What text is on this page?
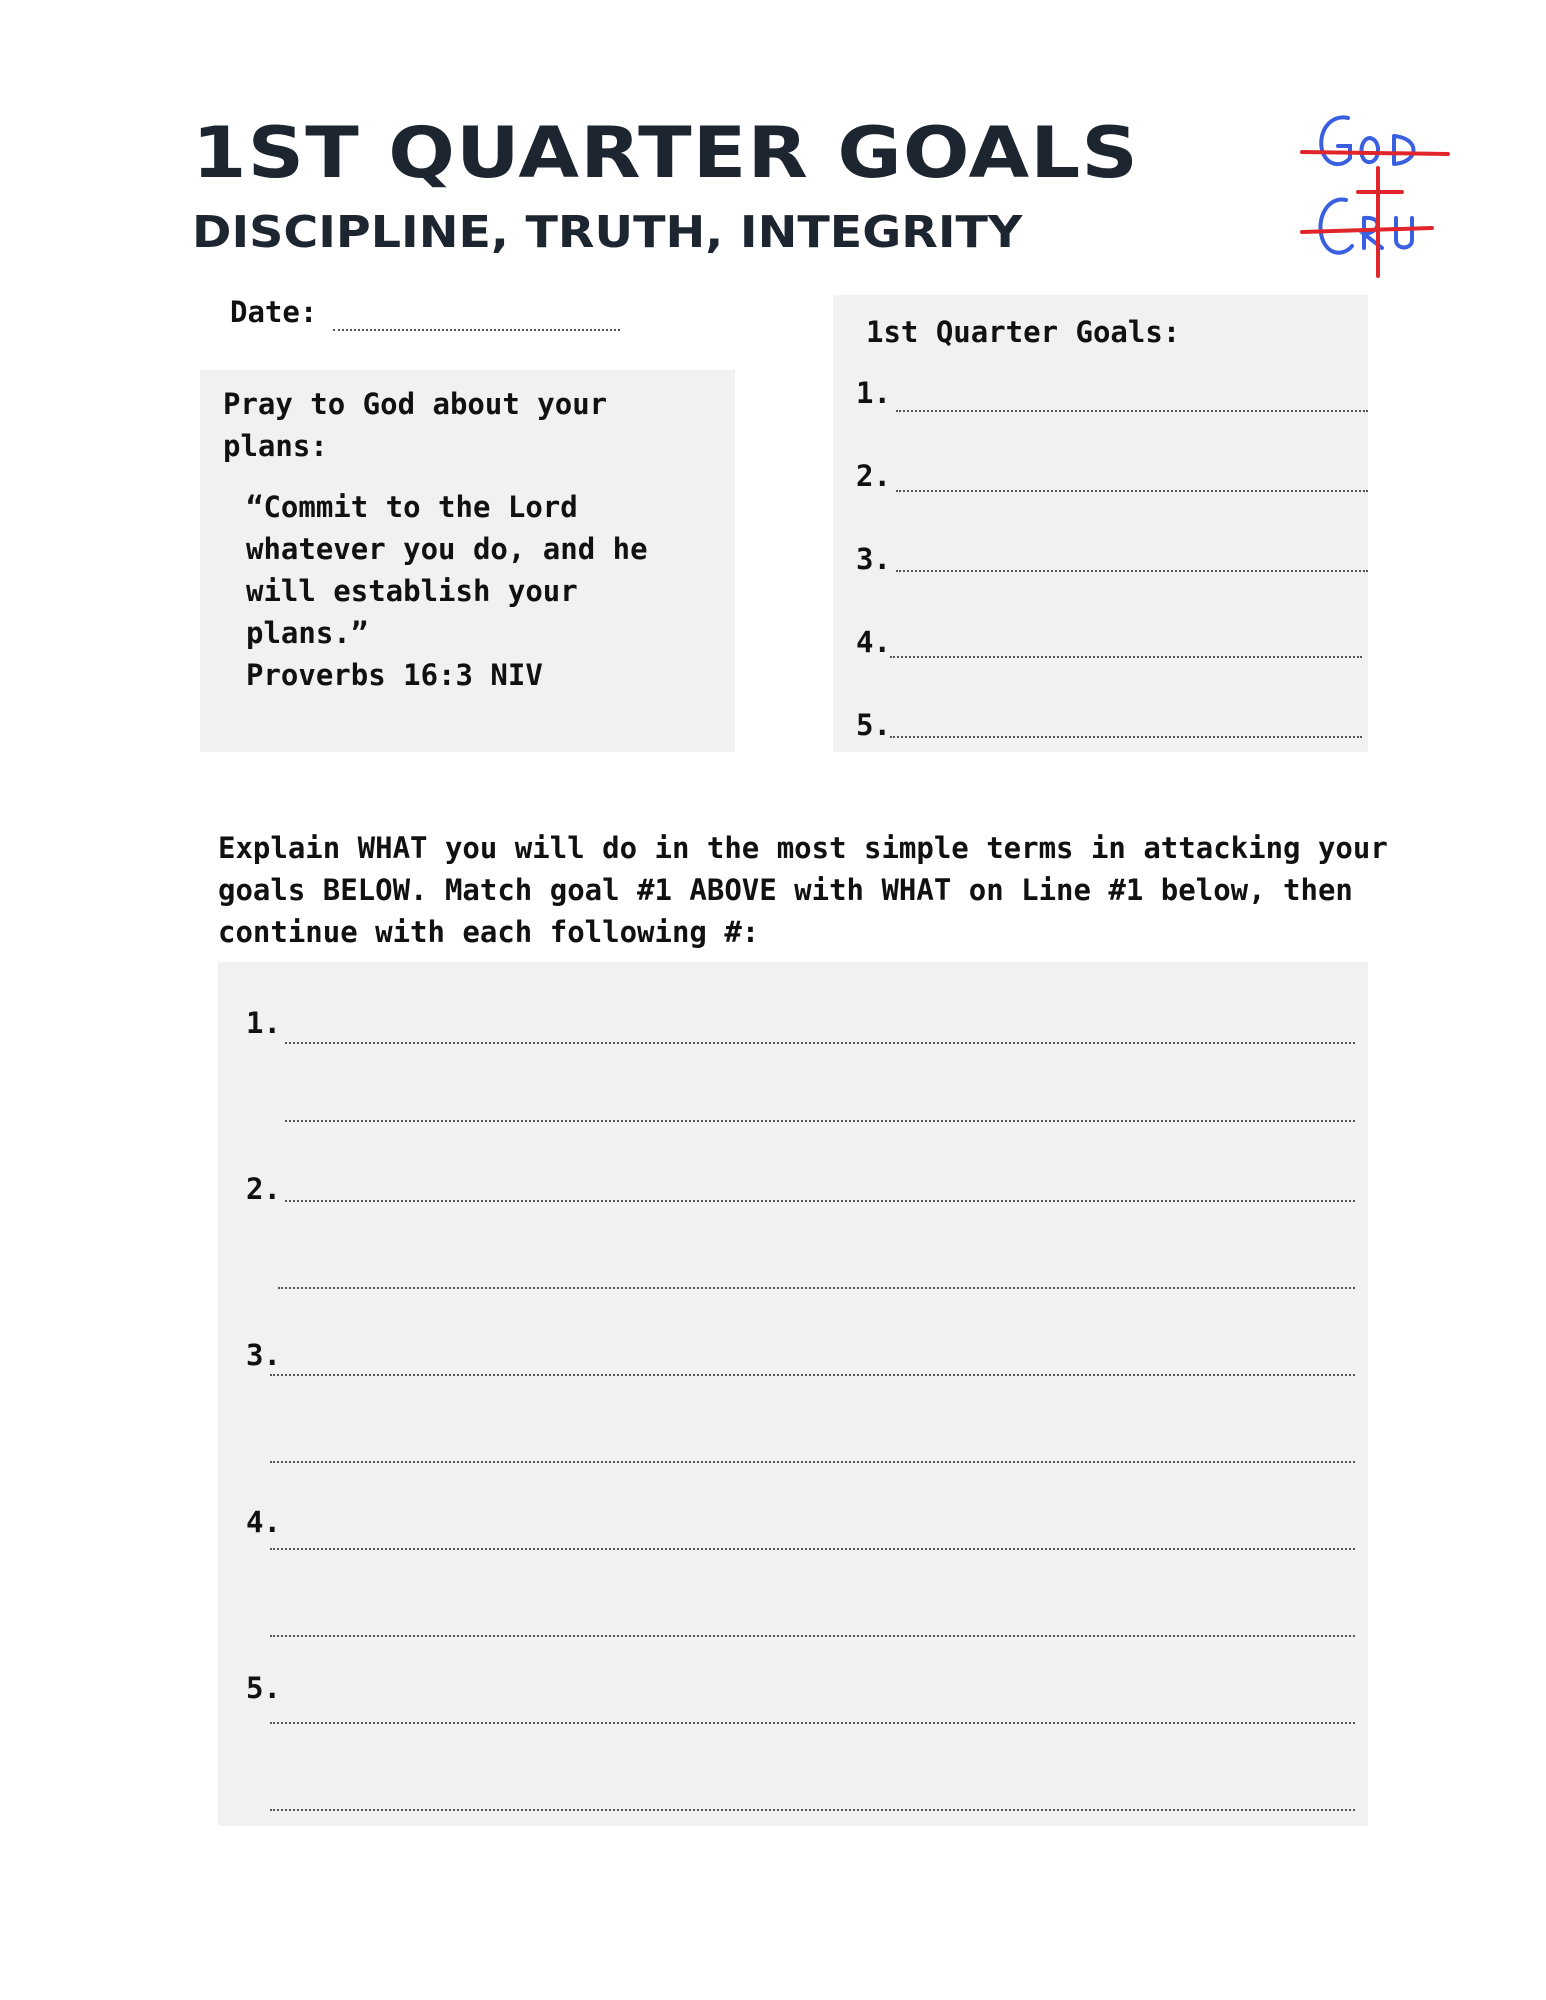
1ST QUARTER GOALS
DISCIPLINE, TRUTH, INTEGRITY
Date:

Pray to God about your plans:

“Commit to the Lord whatever you do, and he will establish your plans.”

Proverbs 16:3 NIV
1st Quarter Goals:
1.
2.
3.
4.
5.

Explain WHAT you will do in the most simple terms in attacking your goals BELOW. Match goal #1 ABOVE with WHAT on Line #1 below, then continue with each following #:

1.
2.
3.
4.
5.
